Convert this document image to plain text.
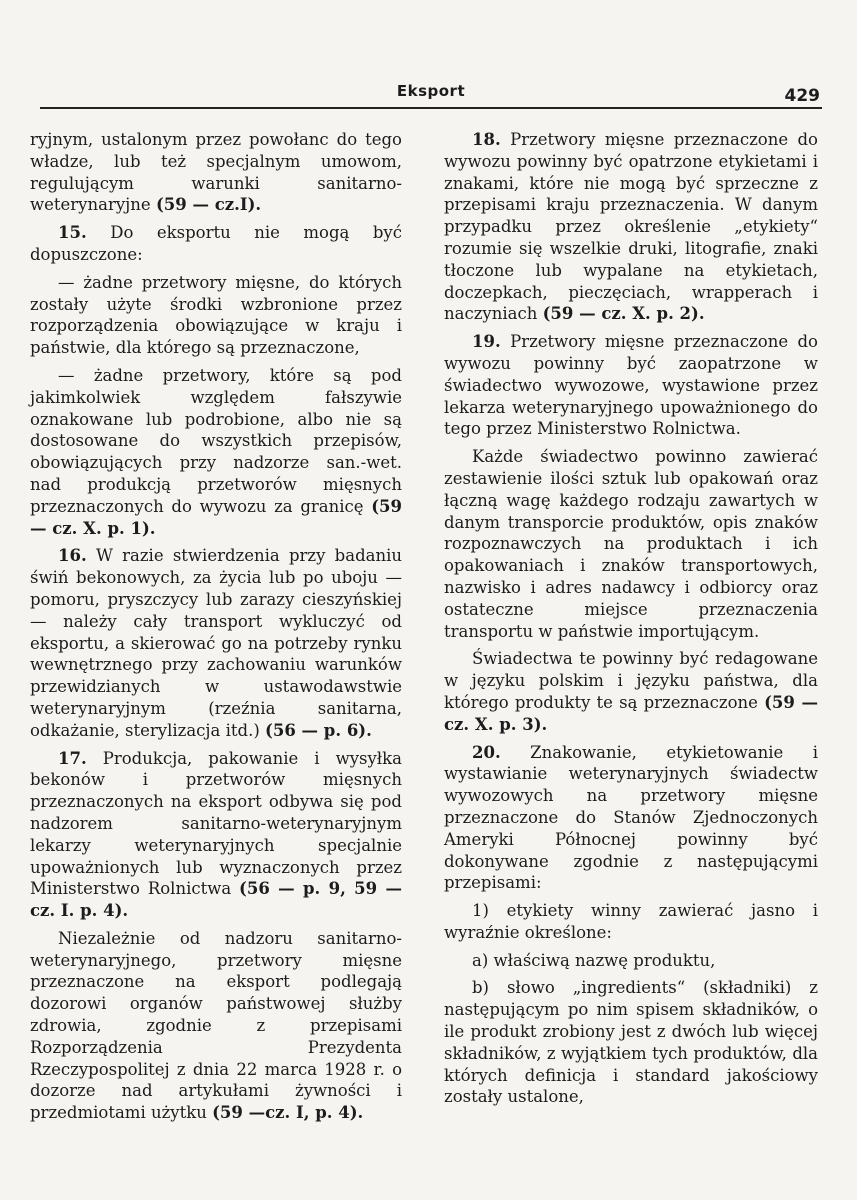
Eksport	429

ryjnym, ustalonym przez powołanc do tego władze, lub też specjalnym umowom, regulującym warunki sanitarno-weterynaryjne (59 — cz.I).

15. Do eksportu nie mogą być dopuszczone:

— żadne przetwory mięsne, do których zostały użyte środki wzbronione przez rozporządzenia obowiązujące w kraju i państwie, dla którego są przeznaczone,

— żadne przetwory, które są pod jakimkolwiek względem fałszywie oznakowane lub podrobione, albo nie są dostosowane do wszystkich przepisów, obowiązujących przy nadzorze san.-wet. nad produkcją przetworów mięsnych przeznaczonych do wywozu za granicę (59 — cz. X. p. 1).

16. W razie stwierdzenia przy badaniu świń bekonowych, za życia lub po uboju — pomoru, pryszczycy lub zarazy cieszyńskiej — należy cały transport wykluczyć od eksportu, a skierować go na potrzeby rynku wewnętrznego przy zachowaniu warunków przewidzianych w ustawodawstwie weterynaryjnym (rzeźnia sanitarna, odkażanie, sterylizacja itd.) (56 — p. 6).

17. Produkcja, pakowanie i wysyłka bekonów i przetworów mięsnych przeznaczonych na eksport odbywa się pod nadzorem sanitarno-weterynaryjnym lekarzy weterynaryjnych specjalnie upoważnionych lub wyznaczonych przez Ministerstwo Rolnictwa (56 — p. 9, 59 — cz. I. p. 4).

Niezależnie od nadzoru sanitarno-weterynaryjnego, przetwory mięsne przeznaczone na eksport podlegają dozorowi organów państwowej służby zdrowia, zgodnie z przepisami Rozporządzenia Prezydenta Rzeczypospolitej z dnia 22 marca 1928 r. o dozorze nad artykułami żywności i przedmiotami użytku (59 —cz. I, p. 4).

18. Przetwory mięsne przeznaczone do wywozu powinny być opatrzone etykietami i znakami, które nie mogą być sprzeczne z przepisami kraju przeznaczenia. W danym przypadku przez określenie „etykiety“ rozumie się wszelkie druki, litografie, znaki tłoczone lub wypalane na etykietach, doczepkach, pieczęciach, wrapperach i naczyniach (59 — cz. X. p. 2).

19. Przetwory mięsne przeznaczone do wywozu powinny być zaopatrzone w świadectwo wywozowe, wystawione przez lekarza weterynaryjnego upoważnionego do tego przez Ministerstwo Rolnictwa.

Każde świadectwo powinno zawierać zestawienie ilości sztuk lub opakowań oraz łączną wagę każdego rodzaju zawartych w danym transporcie produktów, opis znaków rozpoznawczych na produktach i ich opakowaniach i znaków transportowych, nazwisko i adres nadawcy i odbiorcy oraz ostateczne miejsce przeznaczenia transportu w państwie importującym.

Świadectwa te powinny być redagowane w języku polskim i języku państwa, dla którego produkty te są przeznaczone (59 — cz. X. p. 3).

20. Znakowanie, etykietowanie i wystawianie weterynaryjnych świadectw wywozowych na przetwory mięsne przeznaczone do Stanów Zjednoczonych Ameryki Północnej powinny być dokonywane zgodnie z następującymi przepisami:

1) etykiety winny zawierać jasno i wyraźnie określone:

a) właściwą nazwę produktu,

b) słowo „ingredients“ (składniki) z następującym po nim spisem składników, o ile produkt zrobiony jest z dwóch lub więcej składników, z wyjątkiem tych produktów, dla których definicja i standard jakościowy zostały ustalone,
